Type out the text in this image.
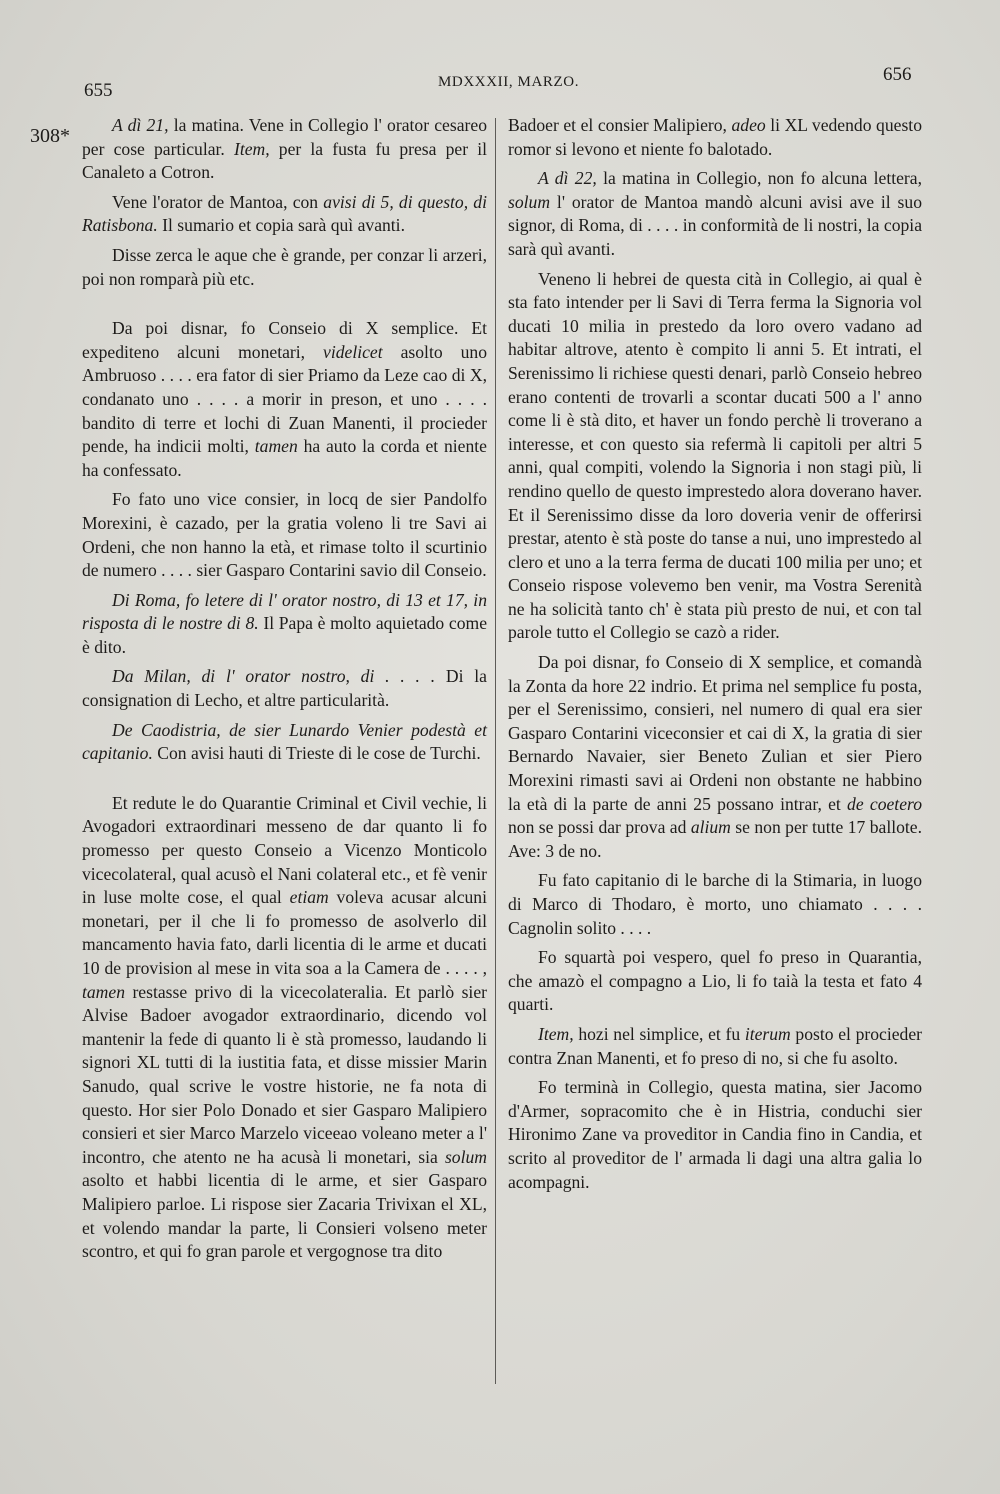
655	MDXXXII, MARZO.	656
308*	A dì 21, la matina. Vene in Collegio l' orator cesareo per cose particular. Item, per la fusta fu presa per il Canaleto a Cotron.

Vene l'orator de Mantoa, con avisi di 5, di questo, di Ratisbona. Il sumario et copia sarà quì avanti.

Disse zerca le aque che è grande, per conzar li arzeri, poi non romparà più etc.

Da poi disnar, fo Conseio di X semplice. Et expediteno alcuni monetari, videlicet asolto uno Ambruoso . . . . era fator di sier Priamo da Leze cao di X, condanato uno . . . . a morir in preson, et uno . . . . bandito di terre et lochi di Zuan Manenti, il procieder pende, ha indicii molti, tamen ha auto la corda et niente ha confessato.

Fo fato uno vice consier, in locq de sier Pandolfo Morexini, è cazado, per la gratia voleno li tre Savi ai Ordeni, che non hanno la età, et rimase tolto il scurtinio de numero . . . . sier Gasparo Contarini savio dil Conseio.

Di Roma, fo letere di l' orator nostro, di 13 et 17, in risposta di le nostre di 8. Il Papa è molto aquietado come è dito.

Da Milan, di l' orator nostro, di . . . . Di la consignation di Lecho, et altre particularità.

De Caodistria, de sier Lunardo Venier podestà et capitanio. Con avisi hauti di Trieste di le cose de Turchi.

Et redute le do Quarantie Criminal et Civil vechie, li Avogadori extraordinari messeno de dar quanto li fo promesso per questo Conseio a Vicenzo Monticolo vicecolateral, qual acusò el Nani colateral etc., et fè venir in luse molte cose, el qual etiam voleva acusar alcuni monetari, per il che li fo promesso de asolverlo dil mancamento havia fato, darli licentia di le arme et ducati 10 de provision al mese in vita soa a la Camera de . . . . , tamen restasse privo di la vicecolateralia. Et parlò sier Alvise Badoer avogador extraordinario, dicendo vol mantenir la fede di quanto li è stà promesso, laudando li signori XL tutti di la iustitia fata, et disse missier Marin Sanudo, qual scrive le vostre historie, ne fa nota di questo. Hor sier Polo Donado et sier Gasparo Malipiero consieri et sier Marco Marzelo viceeao voleano meter a l' incontro, che atento ne ha acusà li monetari, sia solum asolto et habbi licentia di le arme, et sier Gasparo Malipiero parloe. Li rispose sier Zacaria Trivixan el XL, et volendo mandar la parte, li Consieri volseno meter scontro, et qui fo gran parole et vergognose tra dito

Badoer et el consier Malipiero, adeo li XL vedendo questo romor si levono et niente fo balotado.

A dì 22, la matina in Collegio, non fo alcuna lettera, solum l' orator de Mantoa mandò alcuni avisi ave il suo signor, di Roma, di . . . . in conformità de li nostri, la copia sarà quì avanti.

Veneno li hebrei de questa cità in Collegio, ai qual è sta fato intender per li Savi di Terra ferma la Signoria vol ducati 10 milia in prestedo da loro overo vadano ad habitar altrove, atento è compito li anni 5. Et intrati, el Serenissimo li richiese questi denari, parlò Conseio hebreo erano contenti de trovarli a scontar ducati 500 a l' anno come li è stà dito, et haver un fondo perchè li troverano a interesse, et con questo sia refermà li capitoli per altri 5 anni, qual compiti, volendo la Signoria i non stagi più, li rendino quello de questo imprestedo alora doverano haver. Et il Serenissimo disse da loro doveria venir de offerirsi prestar, atento è stà poste do tanse a nui, uno imprestedo al clero et uno a la terra ferma de ducati 100 milia per uno; et Conseio rispose volevemo ben venir, ma Vostra Serenità ne ha solicità tanto ch' è stata più presto de nui, et con tal parole tutto el Collegio se cazò a rider.

Da poi disnar, fo Conseio di X semplice, et comandà la Zonta da hore 22 indrio. Et prima nel semplice fu posta, per el Serenissimo, consieri, nel numero di qual era sier Gasparo Contarini viceconsier et cai di X, la gratia di sier Bernardo Navaier, sier Beneto Zulian et sier Piero Morexini rimasti savi ai Ordeni non obstante ne habbino la età di la parte de anni 25 possano intrar, et de coetero non se possi dar prova ad alium se non per tutte 17 ballote. Ave: 3 de no.

Fu fato capitanio di le barche di la Stimaria, in luogo di Marco di Thodaro, è morto, uno chiamato . . . . Cagnolin solito . . . .

Fo squartà poi vespero, quel fo preso in Quarantia, che amazò el compagno a Lio, li fo taià la testa et fato 4 quarti.

Item, hozi nel simplice, et fu iterum posto el procieder contra Znan Manenti, et fo preso di no, si che fu asolto.

Fo terminà in Collegio, questa matina, sier Jacomo d'Armer, sopracomito che è in Histria, conduchi sier Hironimo Zane va proveditor in Candia fino in Candia, et scrito al proveditor de l' armada li dagi una altra galia lo acompagni.
